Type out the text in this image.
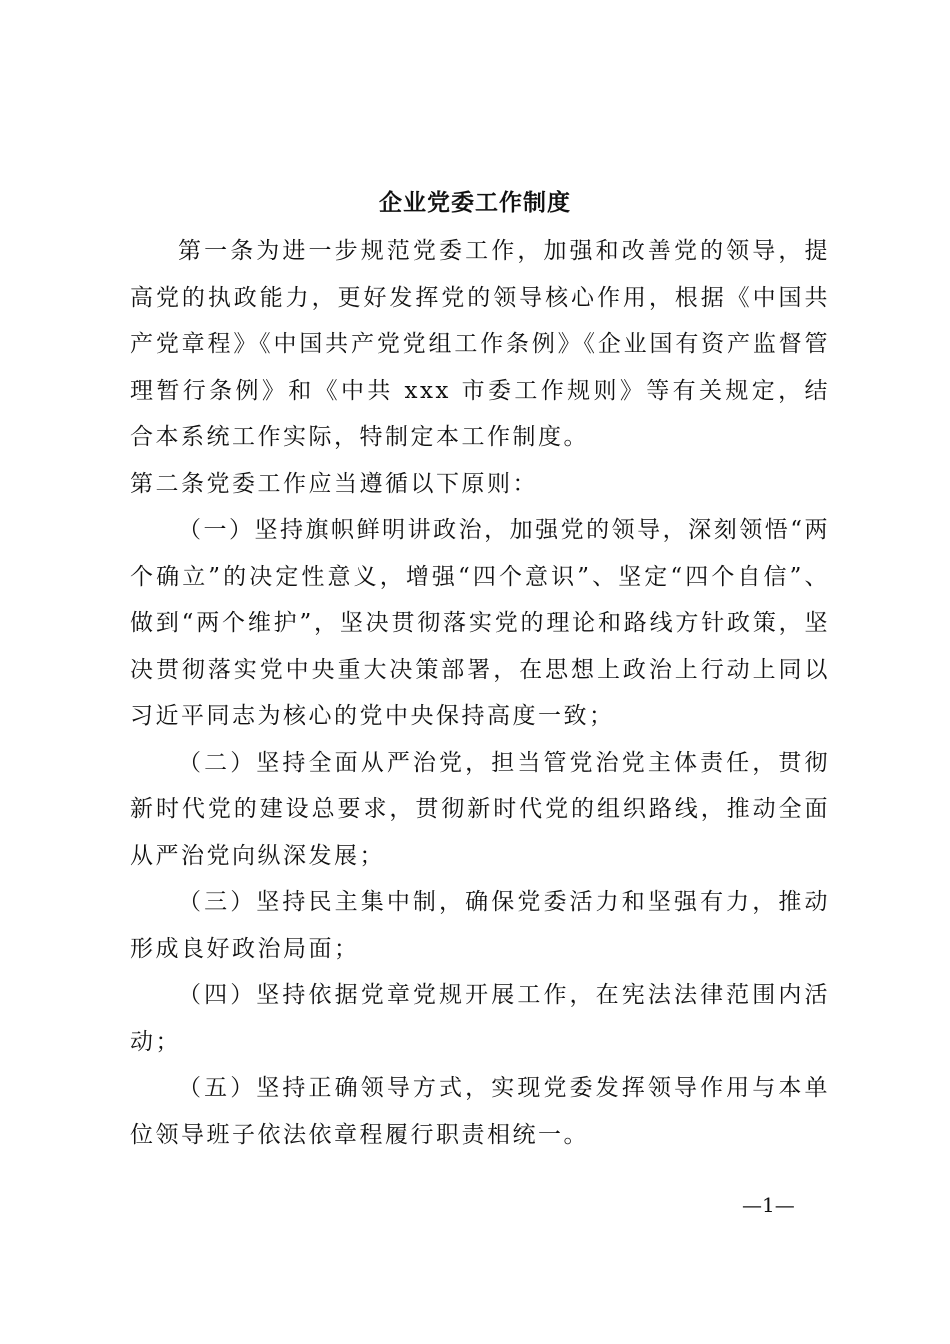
企业党委工作制度

第一条为进一步规范党委工作，加强和改善党的领导，提高党的执政能力，更好发挥党的领导核心作用，根据《中国共产党章程》《中国共产党党组工作条例》《企业国有资产监督管理暂行条例》和《中共 xxx 市委工作规则》等有关规定，结合本系统工作实际，特制定本工作制度。

第二条党委工作应当遵循以下原则：

（一）坚持旗帜鲜明讲政治，加强党的领导，深刻领悟“两个确立”的决定性意义，增强“四个意识”、坚定“四个自信”、做到“两个维护”，坚决贯彻落实党的理论和路线方针政策，坚决贯彻落实党中央重大决策部署，在思想上政治上行动上同以习近平同志为核心的党中央保持高度一致；

（二）坚持全面从严治党，担当管党治党主体责任，贯彻新时代党的建设总要求，贯彻新时代党的组织路线，推动全面从严治党向纵深发展；

（三）坚持民主集中制，确保党委活力和坚强有力，推动形成良好政治局面；

（四）坚持依据党章党规开展工作，在宪法法律范围内活动；

（五）坚持正确领导方式，实现党委发挥领导作用与本单位领导班子依法依章程履行职责相统一。

—1—
